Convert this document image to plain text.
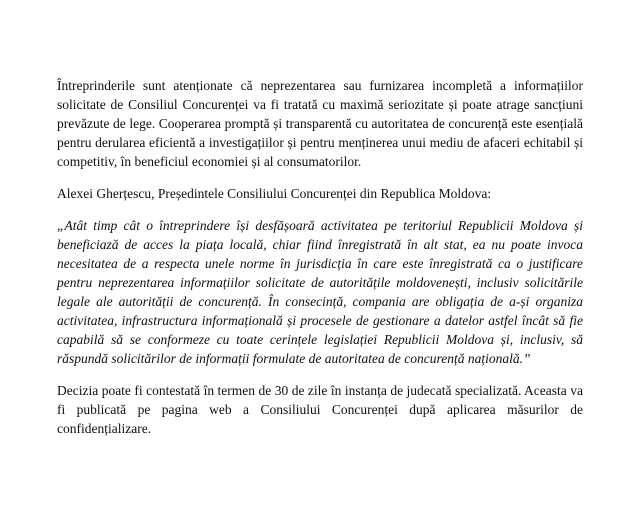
Întreprinderile sunt atenționate că neprezentarea sau furnizarea incompletă a informațiilor solicitate de Consiliul Concurenței va fi tratată cu maximă seriozitate și poate atrage sancțiuni prevăzute de lege. Cooperarea promptă și transparentă cu autoritatea de concurență este esențială pentru derularea eficientă a investigațiilor și pentru menținerea unui mediu de afaceri echitabil și competitiv, în beneficiul economiei și al consumatorilor.

Alexei Gherțescu, Președintele Consiliului Concurenței din Republica Moldova:

„Atât timp cât o întreprindere își desfășoară activitatea pe teritoriul Republicii Moldova și beneficiază de acces la piața locală, chiar fiind înregistrată în alt stat, ea nu poate invoca necesitatea de a respecta unele norme în jurisdicția în care este înregistrată ca o justificare pentru neprezentarea informațiilor solicitate de autoritățile moldovenești, inclusiv solicitările legale ale autorității de concurență. În consecință, compania are obligația de a-și organiza activitatea, infrastructura informațională și procesele de gestionare a datelor astfel încât să fie capabilă să se conformeze cu toate cerințele legislației Republicii Moldova și, inclusiv, să răspundă solicitărilor de informații formulate de autoritatea de concurență națională.”

Decizia poate fi contestată în termen de 30 de zile în instanța de judecată specializată. Aceasta va fi publicată pe pagina web a Consiliului Concurenței după aplicarea măsurilor de confidențializare.
